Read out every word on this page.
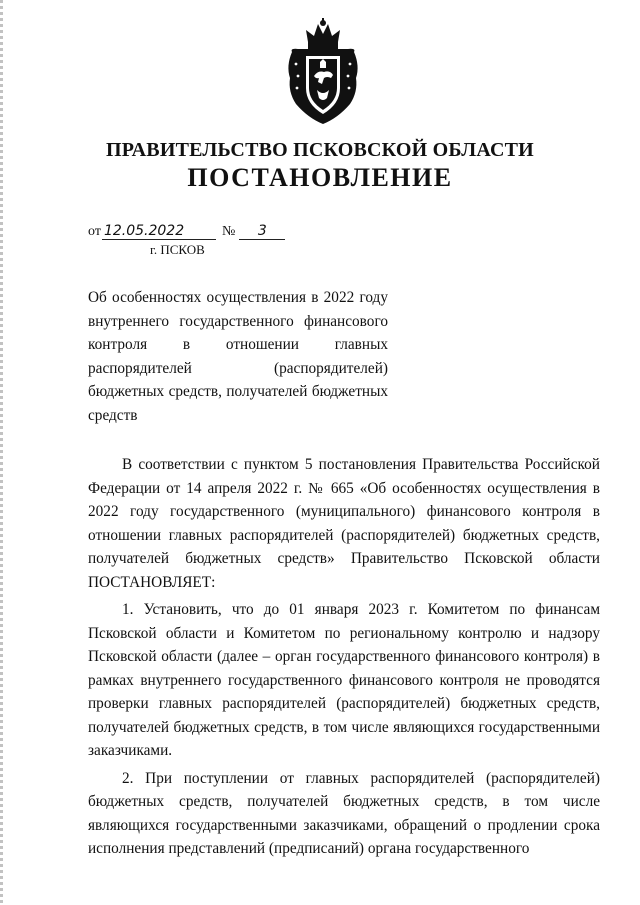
ПРАВИТЕЛЬСТВО ПСКОВСКОЙ ОБЛАСТИ
ПОСТАНОВЛЕНИЕ
от 12.05.2022	№	3
г. ПСКОВ
Об особенностях осуществления в 2022 году внутреннего государственного финансового контроля в отношении главных распорядителей (распорядителей) бюджетных средств, получателей бюджетных средств

В соответствии с пунктом 5 постановления Правительства Российской Федерации от 14 апреля 2022 г. № 665 «Об особенностях осуществления в 2022 году государственного (муниципального) финансового контроля в отношении главных распорядителей (распорядителей) бюджетных средств, получателей бюджетных средств» Правительство Псковской области ПОСТАНОВЛЯЕТ:

1. Установить, что до 01 января 2023 г. Комитетом по финансам Псковской области и Комитетом по региональному контролю и надзору Псковской области (далее – орган государственного финансового контроля) в рамках внутреннего государственного финансового контроля не проводятся проверки главных распорядителей (распорядителей) бюджетных средств, получателей бюджетных средств, в том числе являющихся государственными заказчиками.

2. При поступлении от главных распорядителей (распорядителей) бюджетных средств, получателей бюджетных средств, в том числе являющихся государственными заказчиками, обращений о продлении срока исполнения представлений (предписаний) органа государственного
